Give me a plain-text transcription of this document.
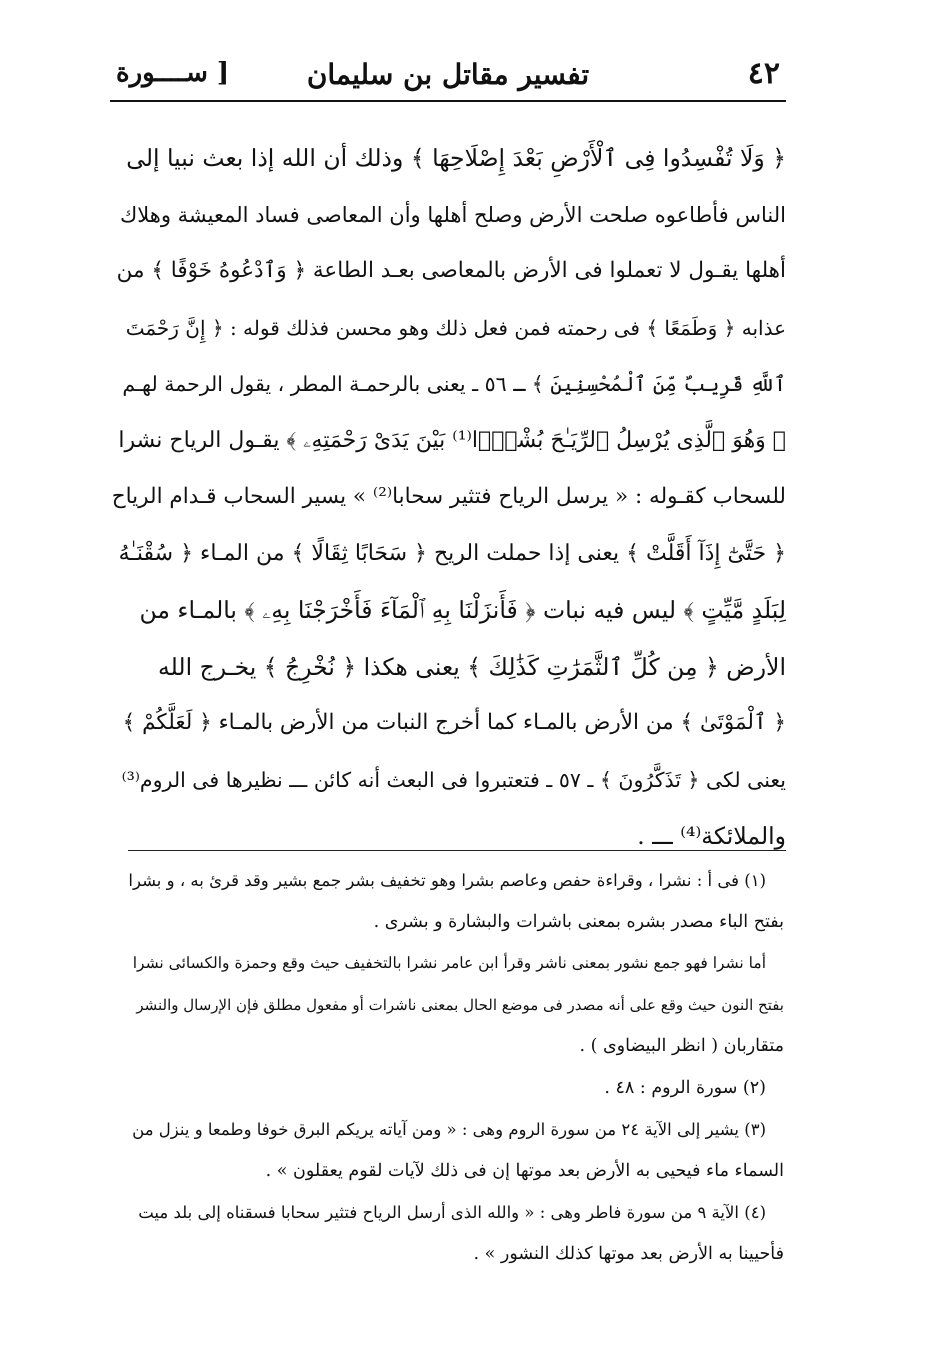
٤٢
تفسير مقاتل بن سليمان
[ ســــورة
﴿ وَلَا تُفْسِدُوا فِى ٱلْأَرْضِ بَعْدَ إِصْلَاحِهَا ﴾ وذلك أن الله إذا بعث نبيا إلى
الناس فأطاعوه صلحت الأرض وصلح أهلها وأن المعاصى فساد المعيشة وهلاك
أهلها يقـول لا تعملوا فى الأرض بالمعاصى بعـد الطاعة ﴿ وَٱدْعُوهُ خَوْفًا ﴾ من
عذابه ﴿ وَطَمَعًا ﴾ فى رحمته فمن فعل ذلك وهو محسن فذلك قوله : ﴿ إِنَّ رَحْمَتَ
ٱللَّهِ قَرِيبٌ مِّنَ ٱلْمُحْسِنِينَ ﴾ ـ ٥٦ ـ يعنى بالرحمـة المطر ، يقول الرحمة لهـم
﴿ وَهُوَ ٱلَّذِى يُرْسِلُ ٱلرِّيَـٰحَ بُشْرًۢا⁽¹⁾ بَيْنَ يَدَىْ رَحْمَتِهِۦ ﴾ يقـول الرياح نشرا
للسحاب كقـوله : « يرسل الرياح فتثير سحابا⁽²⁾ » يسير السحاب قـدام الرياح
﴿ حَتَّىٰٓ إِذَآ أَقَلَّتْ ﴾ يعنى إذا حملت الريح ﴿ سَحَابًا ثِقَالًا ﴾ من المـاء ﴿ سُقْنَـٰهُ
لِبَلَدٍ مَّيِّتٍ ﴾ ليس فيه نبات ﴿ فَأَنزَلْنَا بِهِ ٱلْمَآءَ فَأَخْرَجْنَا بِهِۦ ﴾ بالمـاء من
الأرض ﴿ مِن كُلِّ ٱلثَّمَرَٰتِ كَذَٰلِكَ ﴾ يعنى هكذا ﴿ نُخْرِجُ ﴾ يخـرج الله
﴿ ٱلْمَوْتَىٰ ﴾ من الأرض بالمـاء كما أخرج النبات من الأرض بالمـاء ﴿ لَعَلَّكُمْ ﴾
يعنى لكى ﴿ تَذَكَّرُونَ ﴾ ـ ٥٧ ـ فتعتبروا فى البعث أنه كائن ـــ نظيرها فى الروم⁽³⁾
والملائكة⁽⁴⁾ ـــ .
(١) فى أ : نشرا ، وقراءة حفص وعاصم بشرا وهو تخفيف بشر جمع بشير وقد قرئ به ، و بشرا
بفتح الباء مصدر بشره بمعنى باشرات والبشارة و بشرى .
أما نشرا فهو جمع نشور بمعنى ناشر وقرأ ابن عامر نشرا بالتخفيف حيث وقع وحمزة والكسائى نشرا
بفتح النون حيث وقع على أنه مصدر فى موضع الحال بمعنى ناشرات أو مفعول مطلق فإن الإرسال والنشر
متقاربان ( انظر البيضاوى ) .
(٢) سورة الروم : ٤٨ .
(٣) يشير إلى الآية ٢٤ من سورة الروم وهى : « ومن آياته يريكم البرق خوفا وطمعا و ينزل من
السماء ماء فيحيى به الأرض بعد موتها إن فى ذلك لآيات لقوم يعقلون » .
(٤) الآية ٩ من سورة فاطر وهى : « والله الذى أرسل الرياح فتثير سحابا فسقناه إلى بلد ميت
فأحيينا به الأرض بعد موتها كذلك النشور » .
